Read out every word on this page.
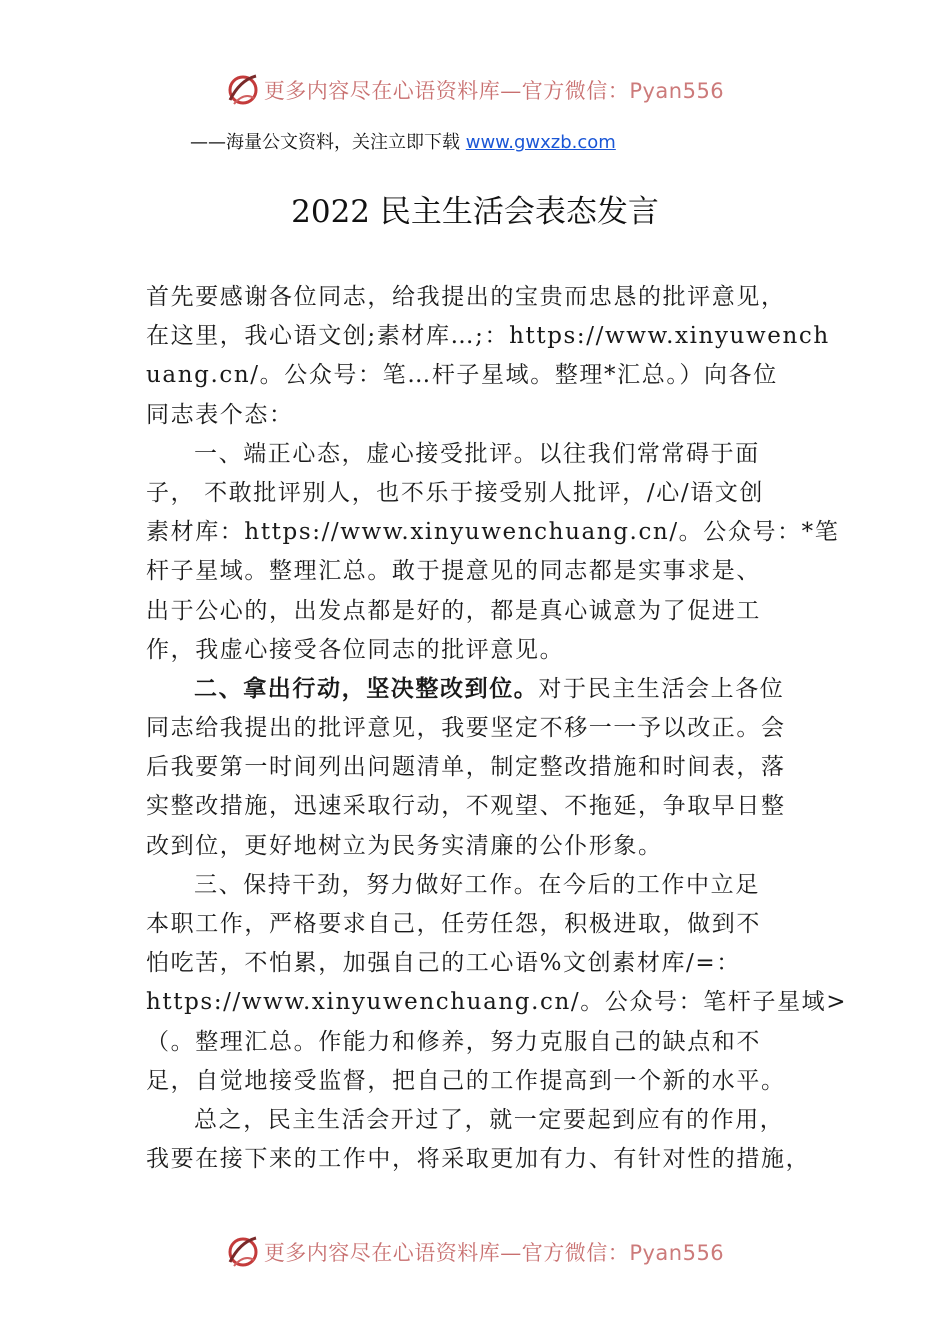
更多内容尽在心语资料库—官方微信：Pyan556
——海量公文资料，关注立即下载 www.gwxzb.com
2022 民主生活会表态发言
首先要感谢各位同志，给我提出的宝贵而忠恳的批评意见，
在这里，我心语文创;素材库…;：https://www.xinyuwench
uang.cn/。公众号：笔…杆子星域。整理*汇总。）向各位
同志表个态：
一、端正心态，虚心接受批评。以往我们常常碍于面
子， 不敢批评别人，也不乐于接受别人批评，/心/语文创
素材库：https://www.xinyuwenchuang.cn/。公众号：*笔
杆子星域。整理汇总。敢于提意见的同志都是实事求是、
出于公心的，出发点都是好的，都是真心诚意为了促进工
作，我虚心接受各位同志的批评意见。
二、拿出行动，坚决整改到位。对于民主生活会上各位
同志给我提出的批评意见，我要坚定不移一一予以改正。会
后我要第一时间列出问题清单，制定整改措施和时间表，落
实整改措施，迅速采取行动，不观望、不拖延，争取早日整
改到位，更好地树立为民务实清廉的公仆形象。
三、保持干劲，努力做好工作。在今后的工作中立足
本职工作，严格要求自己，任劳任怨，积极进取，做到不
怕吃苦，不怕累，加强自己的工心语%文创素材库/=：
https://www.xinyuwenchuang.cn/。公众号：笔杆子星域>
（。整理汇总。作能力和修养，努力克服自己的缺点和不
足，自觉地接受监督，把自己的工作提高到一个新的水平。
总之，民主生活会开过了，就一定要起到应有的作用，
我要在接下来的工作中，将采取更加有力、有针对性的措施，
更多内容尽在心语资料库—官方微信：Pyan556
